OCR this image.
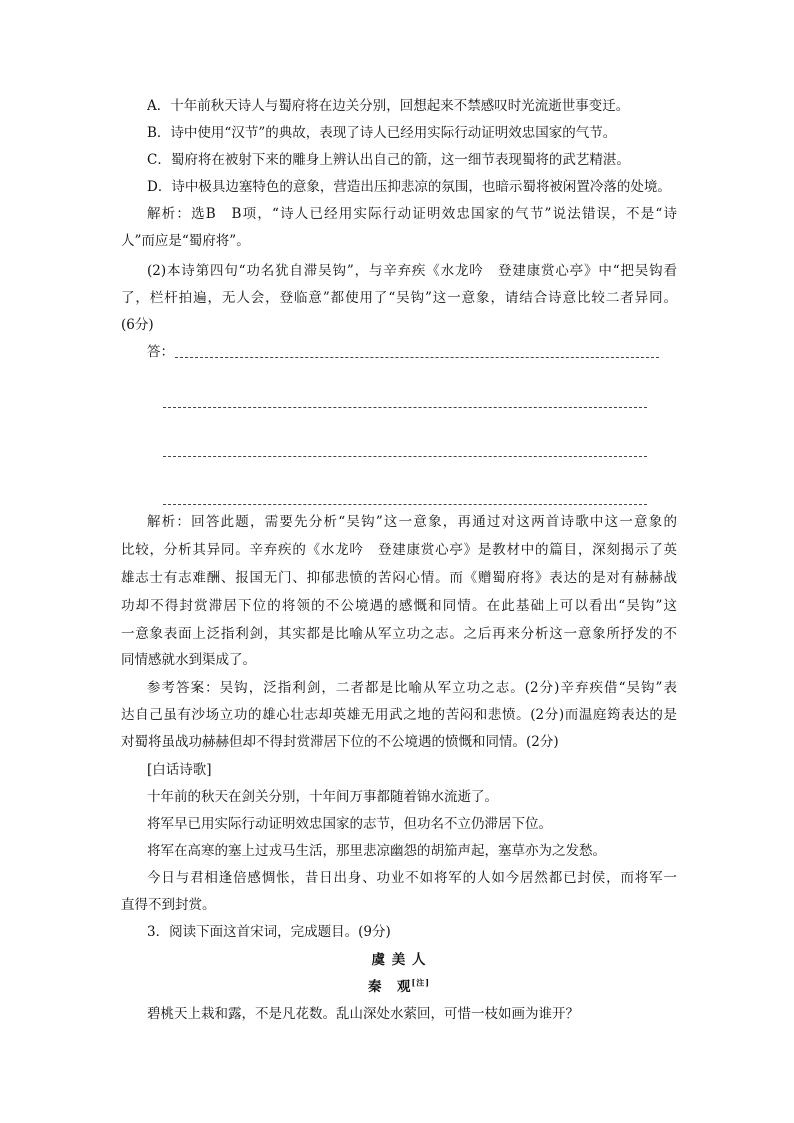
A．十年前秋天诗人与蜀府将在边关分别，回想起来不禁感叹时光流逝世事变迁。
B．诗中使用“汉节”的典故，表现了诗人已经用实际行动证明效忠国家的气节。
C．蜀府将在被射下来的雕身上辨认出自己的箭，这一细节表现蜀将的武艺精湛。
D．诗中极具边塞特色的意象，营造出压抑悲凉的氛围，也暗示蜀将被闲置冷落的处境。
解析：选B　B项，“诗人已经用实际行动证明效忠国家的气节”说法错误，不是“诗
人”而应是“蜀府将”。
(2)本诗第四句“功名犹自滞吴钩”，与辛弃疾《水龙吟　登建康赏心亭》中“把吴钩看
了，栏杆拍遍，无人会，登临意”都使用了“吴钩”这一意象，请结合诗意比较二者异同。
(6分)
答：
解析：回答此题，需要先分析“吴钩”这一意象，再通过对这两首诗歌中这一意象的
比较，分析其异同。辛弃疾的《水龙吟　登建康赏心亭》是教材中的篇目，深刻揭示了英
雄志士有志难酬、报国无门、抑郁悲愤的苦闷心情。而《赠蜀府将》表达的是对有赫赫战
功却不得封赏滞居下位的将领的不公境遇的感慨和同情。在此基础上可以看出“吴钩”这
一意象表面上泛指利剑，其实都是比喻从军立功之志。之后再来分析这一意象所抒发的不
同情感就水到渠成了。
参考答案：吴钩，泛指利剑，二者都是比喻从军立功之志。(2分)辛弃疾借“吴钩”表
达自己虽有沙场立功的雄心壮志却英雄无用武之地的苦闷和悲愤。(2分)而温庭筠表达的是
对蜀将虽战功赫赫但却不得封赏滞居下位的不公境遇的愤慨和同情。(2分)
[白话诗歌]
十年前的秋天在剑关分别，十年间万事都随着锦水流逝了。
将军早已用实际行动证明效忠国家的志节，但功名不立仍滞居下位。
将军在高寒的塞上过戎马生活，那里悲凉幽怨的胡笳声起，塞草亦为之发愁。
今日与君相逢倍感惆怅，昔日出身、功业不如将军的人如今居然都已封侯，而将军一
直得不到封赏。
3．阅读下面这首宋词，完成题目。(9分)
虞 美 人
秦　观[注]
碧桃天上栽和露，不是凡花数。乱山深处水萦回，可惜一枝如画为谁开？
